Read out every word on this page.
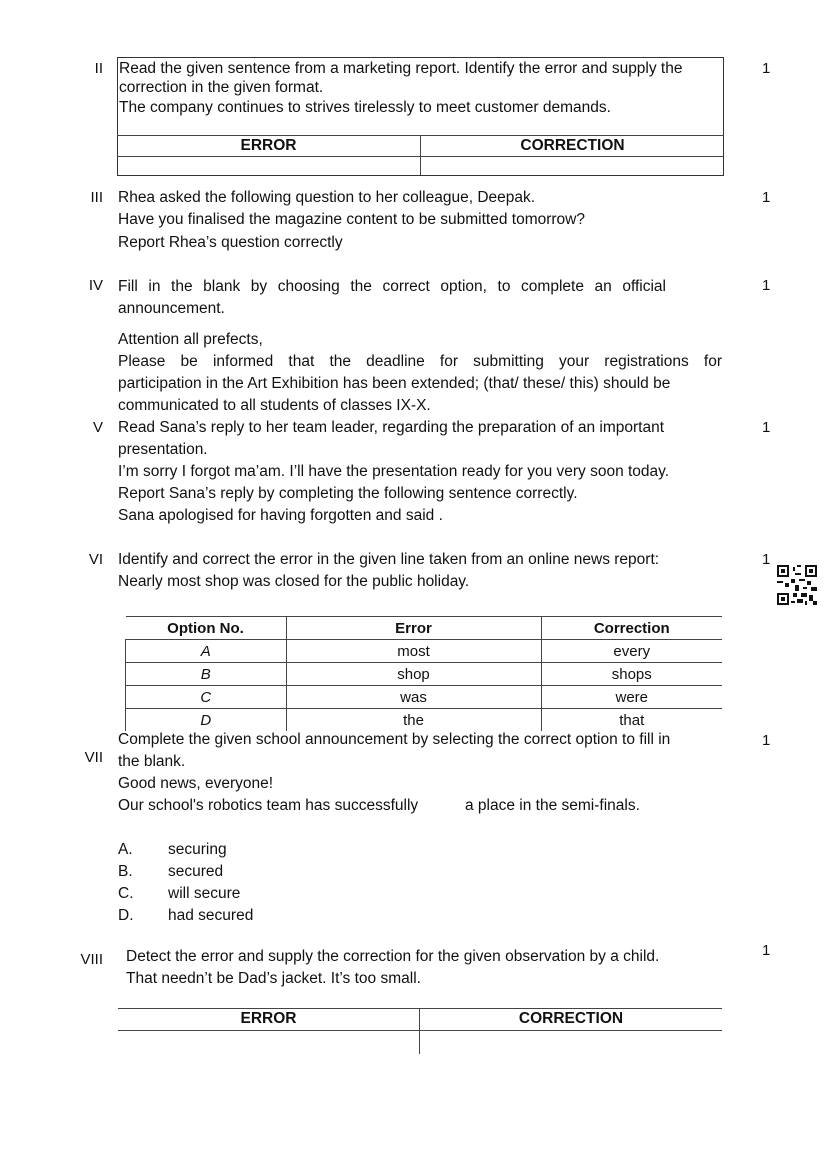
II	1
Read the given sentence from a marketing report. Identify the error and supply the
correction in the given format.
The company continues to strives tirelessly to meet customer demands.
ERROR	CORRECTION

III	1
Rhea asked the following question to her colleague, Deepak.
Have you finalised the magazine content to be submitted tomorrow?
Report Rhea’s question correctly
IV	1
Fill in the blank by choosing the correct option, to complete an official
announcement.
Attention all prefects,
Please be informed that the deadline for submitting your registrations for
participation in the Art Exhibition has been extended; (that/ these/ this) should be
communicated to all students of classes IX-X.
V	1
Read Sana’s reply to her team leader, regarding the preparation of an important
presentation.
I’m sorry I forgot ma’am. I’ll have the presentation ready for you very soon today.
Report Sana’s reply by completing the following sentence correctly.
Sana apologised for having forgotten and said .
VI	1
Identify and correct the error in the given line taken from an online news report:
Nearly most shop was closed for the public holiday.
Option No.	Error	Correction
A	most	every
B	shop	shops
C	was	were
D	the	that
VII
1
Complete the given school announcement by selecting the correct option to fill in
the blank.
Good news, everyone!
Our school's robotics team has successfully	a place in the semi-finals.
A. securing
B. secured
C. will secure
D. had secured
VIII
1
Detect the error and supply the correction for the given observation by a child.
That needn’t be Dad’s jacket. It’s too small.
ERROR	CORRECTION
